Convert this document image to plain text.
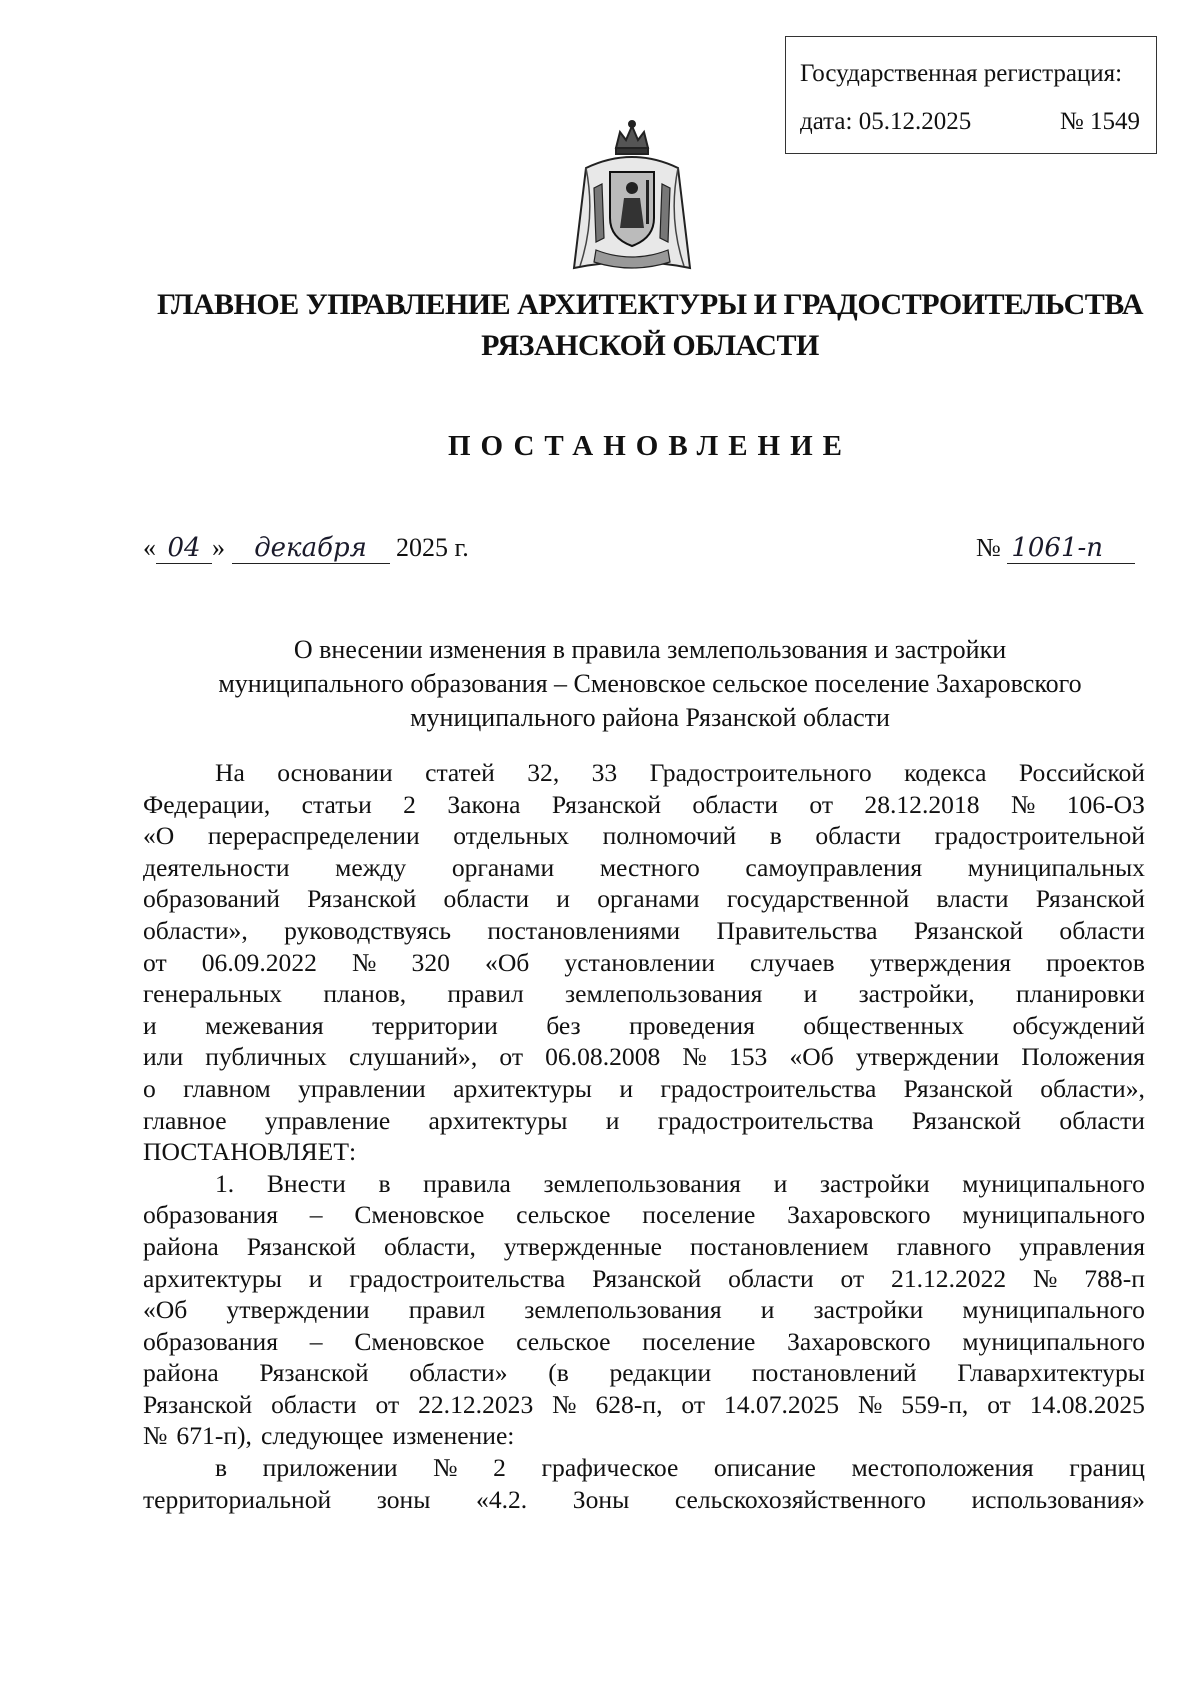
Государственная регистрация:
дата: 05.12.2025	№ 1549
ГЛАВНОЕ УПРАВЛЕНИЕ АРХИТЕКТУРЫ И ГРАДОСТРОИТЕЛЬСТВА
РЯЗАНСКОЙ ОБЛАСТИ
ПОСТАНОВЛЕНИЕ
« 04 » декабря 2025 г.	№ 1061-п
О внесении изменения в правила землепользования и застройки
муниципального образования – Сменовское сельское поселение Захаровского
муниципального района Рязанской области
На основании статей 32, 33 Градостроительного кодекса Российской
Федерации, статьи 2 Закона Рязанской области от 28.12.2018 № 106-ОЗ
«О перераспределении отдельных полномочий в области градостроительной
деятельности между органами местного самоуправления муниципальных
образований Рязанской области и органами государственной власти Рязанской
области», руководствуясь постановлениями Правительства Рязанской области
от 06.09.2022 № 320 «Об установлении случаев утверждения проектов
генеральных планов, правил землепользования и застройки, планировки
и межевания территории без проведения общественных обсуждений
или публичных слушаний», от 06.08.2008 № 153 «Об утверждении Положения
о главном управлении архитектуры и градостроительства Рязанской области»,
главное управление архитектуры и градостроительства Рязанской области
ПОСТАНОВЛЯЕТ:
1. Внести в правила землепользования и застройки муниципального
образования – Сменовское сельское поселение Захаровского муниципального
района Рязанской области, утвержденные постановлением главного управления
архитектуры и градостроительства Рязанской области от 21.12.2022 № 788-п
«Об утверждении правил землепользования и застройки муниципального
образования – Сменовское сельское поселение Захаровского муниципального
района Рязанской области» (в редакции постановлений Главархитектуры
Рязанской области от 22.12.2023 № 628-п, от 14.07.2025 № 559-п, от 14.08.2025
№ 671-п), следующее изменение:
в приложении № 2 графическое описание местоположения границ
территориальной зоны «4.2. Зоны сельскохозяйственного использования»
